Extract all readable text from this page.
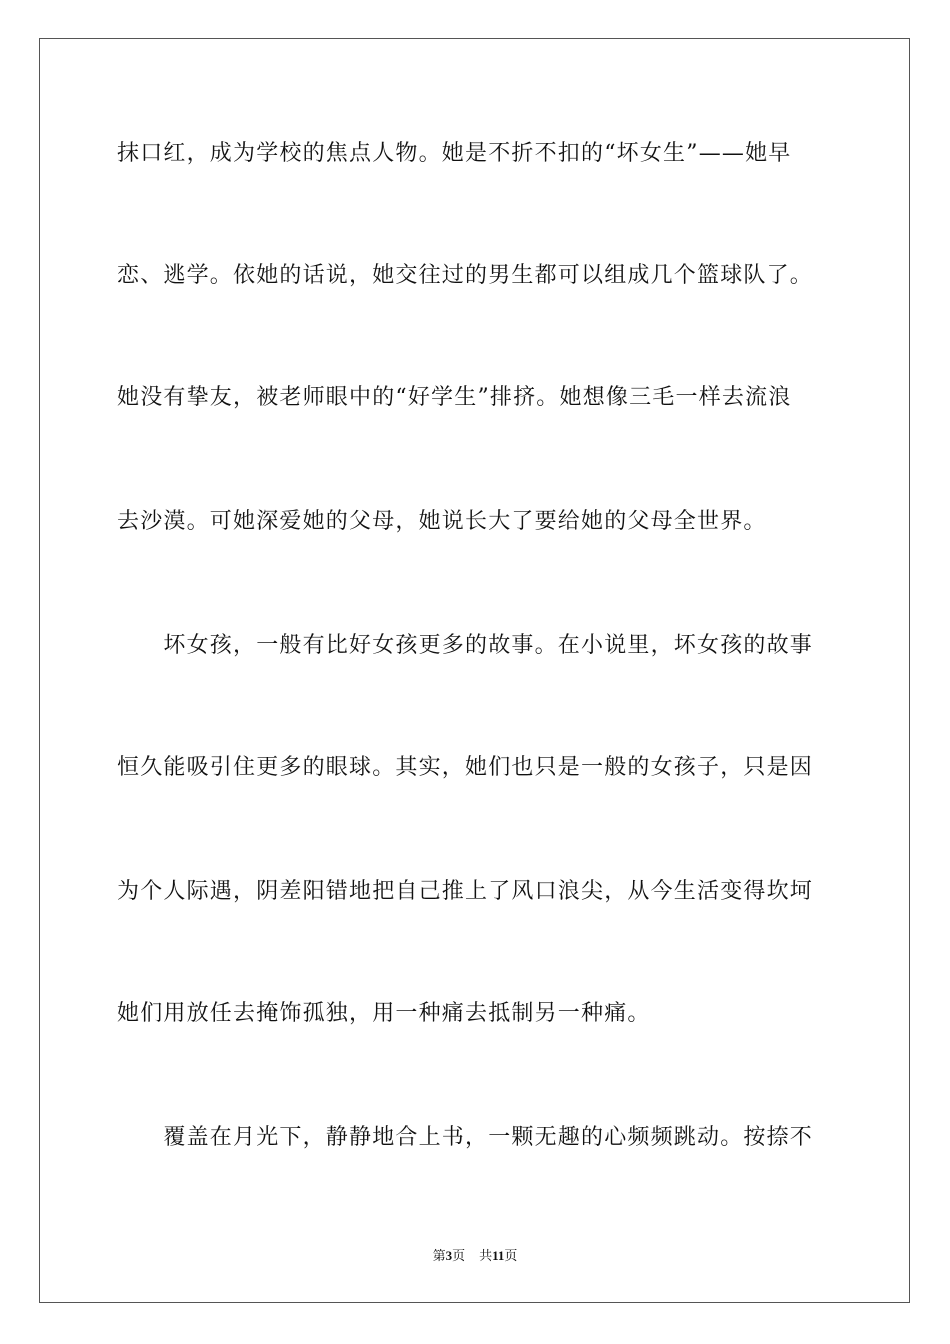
抹口红，成为学校的焦点人物。她是不折不扣的“坏女生”——她早
恋、逃学。依她的话说，她交往过的男生都可以组成几个篮球队了。
她没有挚友，被老师眼中的“好学生”排挤。她想像三毛一样去流浪
去沙漠。可她深爱她的父母，她说长大了要给她的父母全世界。
　　坏女孩，一般有比好女孩更多的故事。在小说里，坏女孩的故事
恒久能吸引住更多的眼球。其实，她们也只是一般的女孩子，只是因
为个人际遇，阴差阳错地把自己推上了风口浪尖，从今生活变得坎坷
她们用放任去掩饰孤独，用一种痛去抵制另一种痛。
　　覆盖在月光下，静静地合上书，一颗无趣的心频频跳动。按捺不
第3页 共11页
